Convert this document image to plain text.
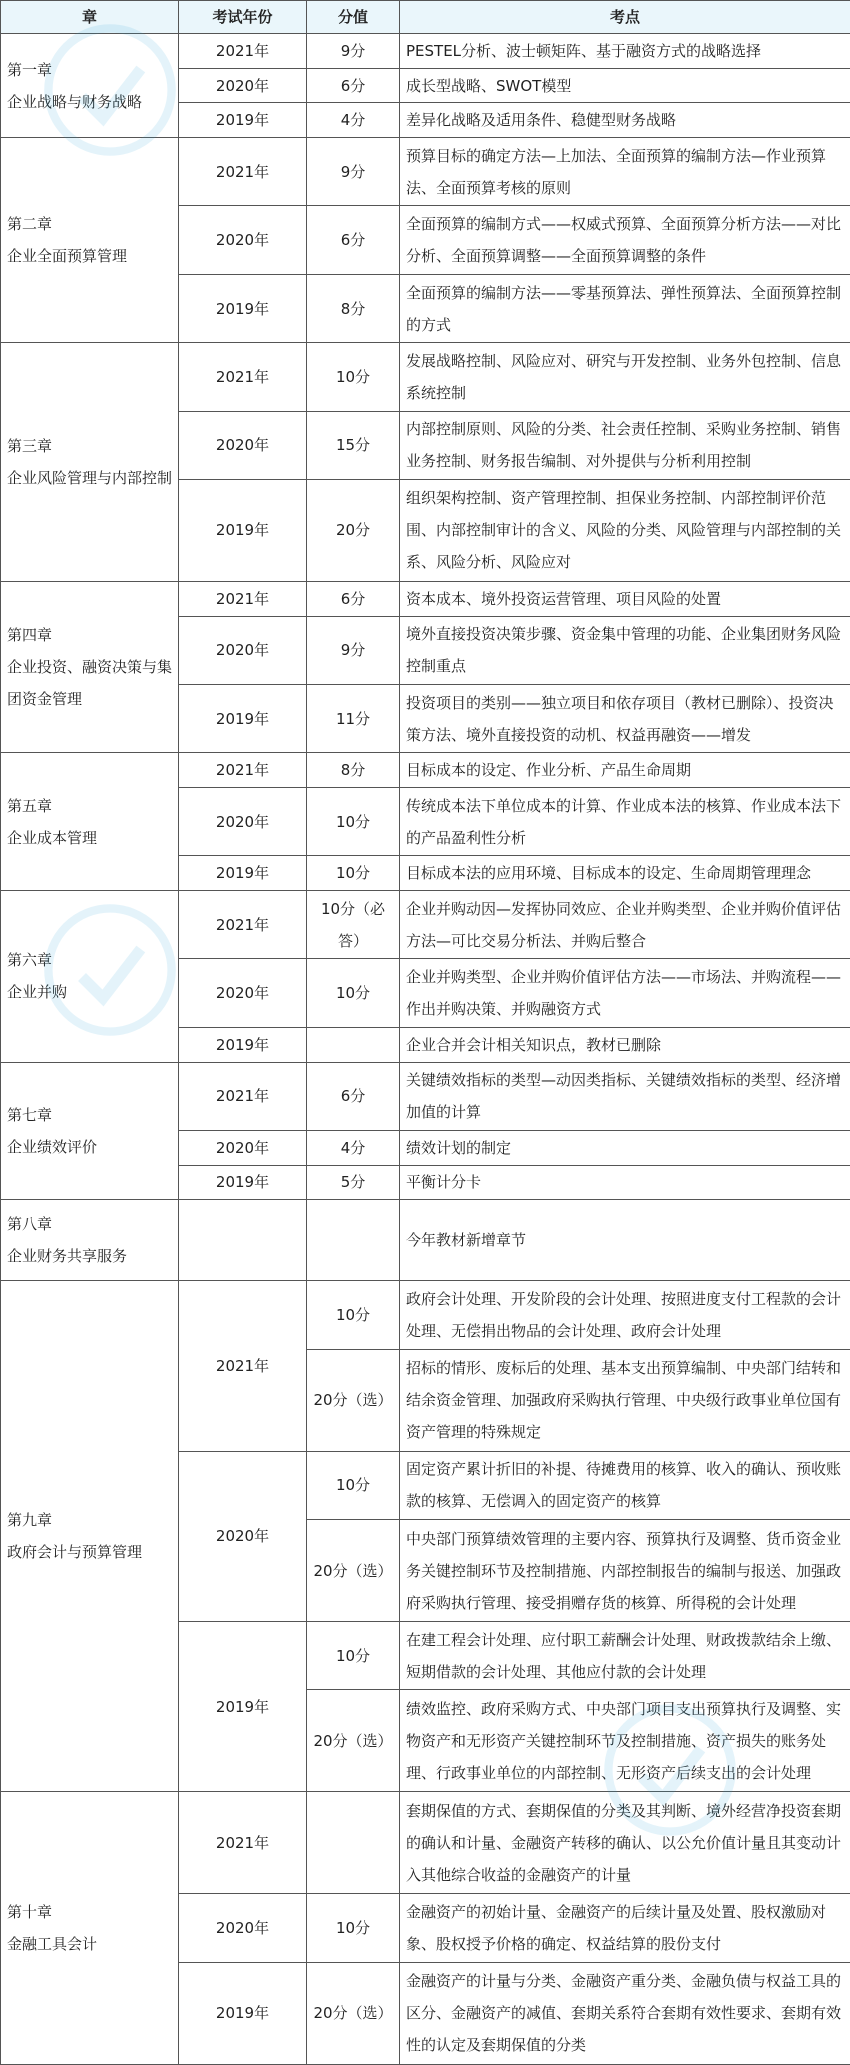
章	考试年份	分值	考点
第一章
企业战略与财务战略	2021年	9分	PESTEL分析、波士顿矩阵、基于融资方式的战略选择
	2020年	6分	成长型战略、SWOT模型
	2019年	4分	差异化战略及适用条件、稳健型财务战略
第二章
企业全面预算管理	2021年	9分	预算目标的确定方法—上加法、全面预算的编制方法—作业预算法、全面预算考核的原则
	2020年	6分	全面预算的编制方式——权威式预算、全面预算分析方法——对比分析、全面预算调整——全面预算调整的条件
	2019年	8分	全面预算的编制方法——零基预算法、弹性预算法、全面预算控制的方式
第三章
企业风险管理与内部控制	2021年	10分	发展战略控制、风险应对、研究与开发控制、业务外包控制、信息系统控制
	2020年	15分	内部控制原则、风险的分类、社会责任控制、采购业务控制、销售业务控制、财务报告编制、对外提供与分析利用控制
	2019年	20分	组织架构控制、资产管理控制、担保业务控制、内部控制评价范围、内部控制审计的含义、风险的分类、风险管理与内部控制的关系、风险分析、风险应对
第四章
企业投资、融资决策与集团资金管理	2021年	6分	资本成本、境外投资运营管理、项目风险的处置
	2020年	9分	境外直接投资决策步骤、资金集中管理的功能、企业集团财务风险控制重点
	2019年	11分	投资项目的类别——独立项目和依存项目（教材已删除）、投资决策方法、境外直接投资的动机、权益再融资——增发
第五章
企业成本管理	2021年	8分	目标成本的设定、作业分析、产品生命周期
	2020年	10分	传统成本法下单位成本的计算、作业成本法的核算、作业成本法下的产品盈利性分析
	2019年	10分	目标成本法的应用环境、目标成本的设定、生命周期管理理念
第六章
企业并购	2021年	10分（必答）	企业并购动因—发挥协同效应、企业并购类型、企业并购价值评估方法—可比交易分析法、并购后整合
	2020年	10分	企业并购类型、企业并购价值评估方法——市场法、并购流程——作出并购决策、并购融资方式
	2019年		企业合并会计相关知识点，教材已删除
第七章
企业绩效评价	2021年	6分	关键绩效指标的类型—动因类指标、关键绩效指标的类型、经济增加值的计算
	2020年	4分	绩效计划的制定
	2019年	5分	平衡计分卡
第八章
企业财务共享服务			今年教材新增章节
第九章
政府会计与预算管理	2021年	10分	政府会计处理、开发阶段的会计处理、按照进度支付工程款的会计处理、无偿捐出物品的会计处理、政府会计处理
		20分（选）	招标的情形、废标后的处理、基本支出预算编制、中央部门结转和结余资金管理、加强政府采购执行管理、中央级行政事业单位国有资产管理的特殊规定
	2020年	10分	固定资产累计折旧的补提、待摊费用的核算、收入的确认、预收账款的核算、无偿调入的固定资产的核算
		20分（选）	中央部门预算绩效管理的主要内容、预算执行及调整、货币资金业务关键控制环节及控制措施、内部控制报告的编制与报送、加强政府采购执行管理、接受捐赠存货的核算、所得税的会计处理
	2019年	10分	在建工程会计处理、应付职工薪酬会计处理、财政拨款结余上缴、短期借款的会计处理、其他应付款的会计处理
		20分（选）	绩效监控、政府采购方式、中央部门项目支出预算执行及调整、实物资产和无形资产关键控制环节及控制措施、资产损失的账务处理、行政事业单位的内部控制、无形资产后续支出的会计处理
第十章
金融工具会计	2021年		套期保值的方式、套期保值的分类及其判断、境外经营净投资套期的确认和计量、金融资产转移的确认、以公允价值计量且其变动计入其他综合收益的金融资产的计量
	2020年	10分	金融资产的初始计量、金融资产的后续计量及处置、股权激励对象、股权授予价格的确定、权益结算的股份支付
	2019年	20分（选）	金融资产的计量与分类、金融资产重分类、金融负债与权益工具的区分、金融资产的减值、套期关系符合套期有效性要求、套期有效性的认定及套期保值的分类
